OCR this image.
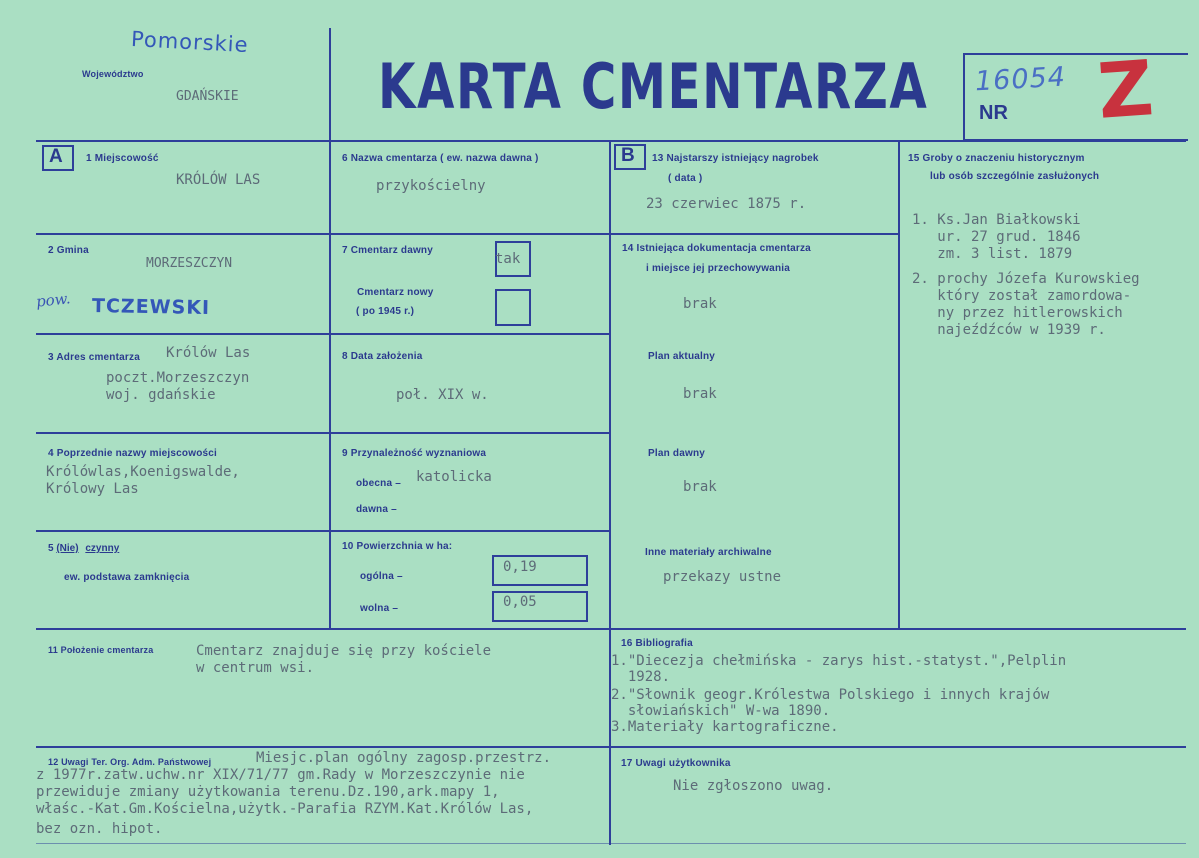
Pomorskie
Województwo
GDAŃSKIE KARTA CMENTARZA 16054
NR Z
A 1 Miejscowość
KRÓLÓW LAS
6 Nazwa cmentarza ( ew. nazwa dawna )
przykościelny
B 13 Najstarszy istniejący nagrobek
( data )
23 czerwiec 1875 r.
15 Groby o znaczeniu historycznym
lub osób szczególnie zasłużonych
1. Ks.Jan Białkowski
ur. 27 grud. 1846
zm. 3 list. 1879
2. prochy Józefa Kurowskieg
który został zamordowa-
ny przez hitlerowskich
najeźdźców w 1939 r.
2 Gmina
MORZESZCZYN
pow. TCZEWSKI
7 Cmentarz dawny
tak
Cmentarz nowy
( po 1945 r.)
14 Istniejąca dokumentacja cmentarza
i miejsce jej przechowywania
brak
3 Adres cmentarza Królów Las
poczt.Morzeszczyn
woj. gdańskie
8 Data założenia
poł. XIX w.
Plan aktualny
brak
4 Poprzednie nazwy miejscowości
Królówlas,Koenigswalde,
Królowy Las
9 Przynależność wyznaniowa
obecna – katolicka
dawna –
Plan dawny
brak
5 (Nie) czynny
ew. podstawa zamknięcia
10 Powierzchnia w ha:
ogólna –
0,19
wolna –	0,05
Inne materiały archiwalne
przekazy ustne
11 Położenie cmentarza	Cmentarz znajduje się przy kościele
w centrum wsi.
16 Bibliografia
1."Diecezja chełmińska - zarys hist.-statyst.",Pelplin
1928.
2."Słownik geogr.Królestwa Polskiego i innych krajów
słowiańskich" W-wa 1890.
3.Materiały kartograficzne.
12 Uwagi Ter. Org. Adm. Państwowej	Miesjc.plan ogólny zagosp.przestrz.
z 1977r.zatw.uchw.nr XIX/71/77 gm.Rady w Morzeszczynie nie
przewiduje zmiany użytkowania terenu.Dz.190,ark.mapy 1,
właśc.-Kat.Gm.Kościelna,użytk.-Parafia RZYM.Kat.Królów Las,
bez ozn. hipot.
17 Uwagi użytkownika
Nie zgłoszono uwag.
